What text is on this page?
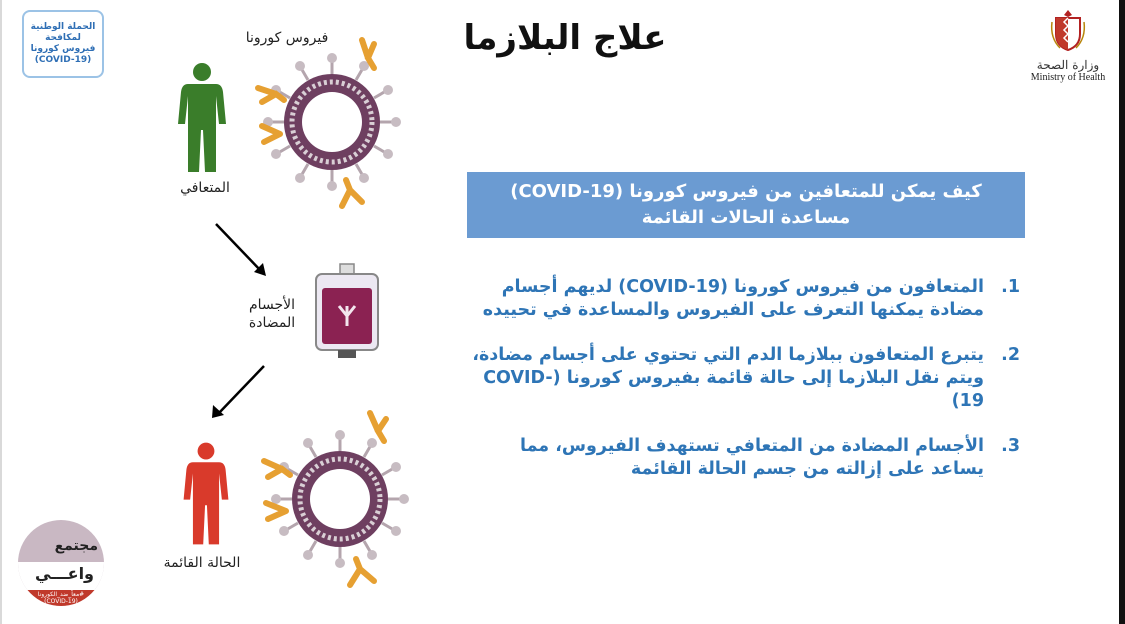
الحملة الوطنية
لمكافحة
فيروس كورونا
(COVID-19)
علاج البلازما
وزارة الصحة
Ministry of Health
فيروس كورونا
المتعافي
الأجسام
المضادة
الحالة القائمة
كيف يمكن للمتعافين من فيروس كورونا (COVID-19)
مساعدة الحالات القائمة
1.
المتعافون من فيروس كورونا (COVID-19) لديهم أجسام مضادة يمكنها التعرف على الفيروس والمساعدة في تحييده
2.
يتبرع المتعافون ببلازما الدم التي تحتوي على أجسام مضادة، ويتم نقل البلازما إلى حالة قائمة بفيروس كورونا (COVID-19)
3.
الأجسام المضادة من المتعافي تستهدف الفيروس، مما يساعد على إزالته من جسم الحالة القائمة
مجتمع
واعـــي
#معاً_ضد_الكورونا
(COVID-19)
